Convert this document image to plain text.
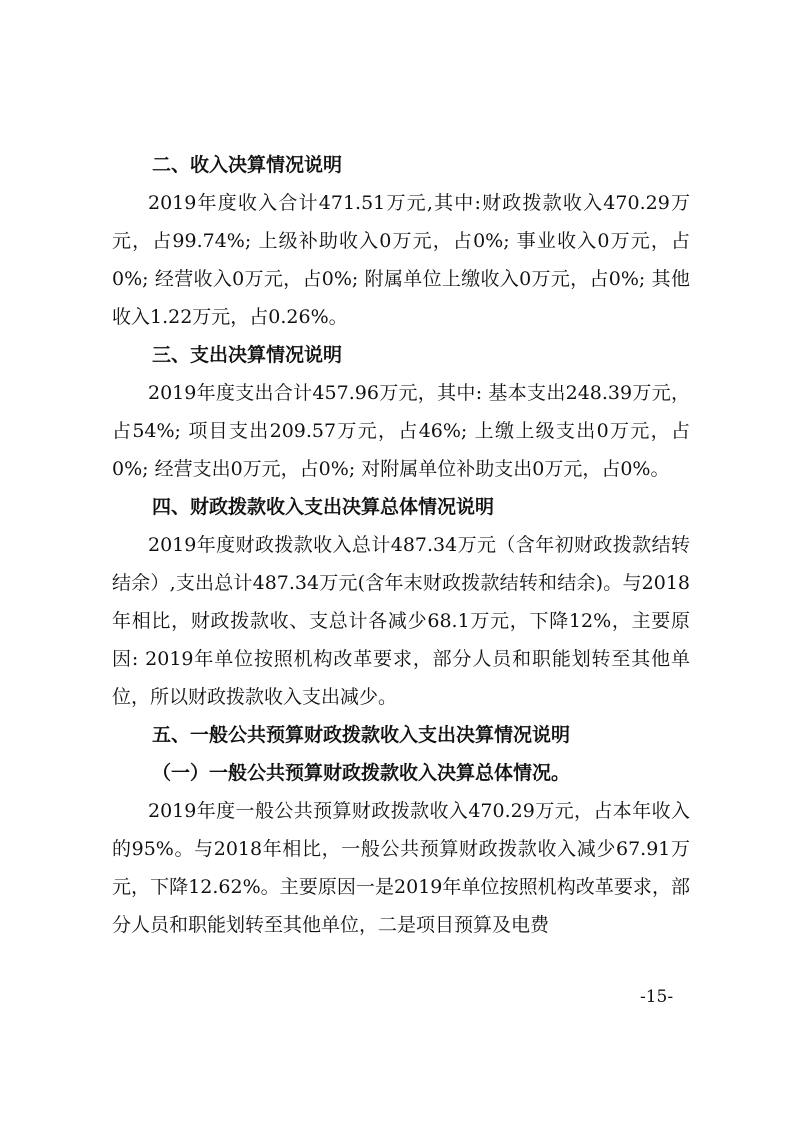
二、收入决算情况说明

2019年度收入合计471.51万元,其中:财政拨款收入470.29万元，占99.74%; 上级补助收入0万元，占0%; 事业收入0万元，占0%; 经营收入0万元，占0%; 附属单位上缴收入0万元，占0%; 其他收入1.22万元，占0.26%。

三、支出决算情况说明

2019年度支出合计457.96万元，其中: 基本支出248.39万元，占54%; 项目支出209.57万元，占46%; 上缴上级支出0万元，占0%; 经营支出0万元，占0%; 对附属单位补助支出0万元，占0%。

四、财政拨款收入支出决算总体情况说明

2019年度财政拨款收入总计487.34万元（含年初财政拨款结转结余）,支出总计487.34万元(含年末财政拨款结转和结余)。与2018年相比，财政拨款收、支总计各减少68.1万元，下降12%，主要原因: 2019年单位按照机构改革要求，部分人员和职能划转至其他单位，所以财政拨款收入支出减少。

五、一般公共预算财政拨款收入支出决算情况说明
（一）一般公共预算财政拨款收入决算总体情况。

2019年度一般公共预算财政拨款收入470.29万元，占本年收入的95%。与2018年相比，一般公共预算财政拨款收入减少67.91万元，下降12.62%。主要原因一是2019年单位按照机构改革要求，部分人员和职能划转至其他单位，二是项目预算及电费

-15-
